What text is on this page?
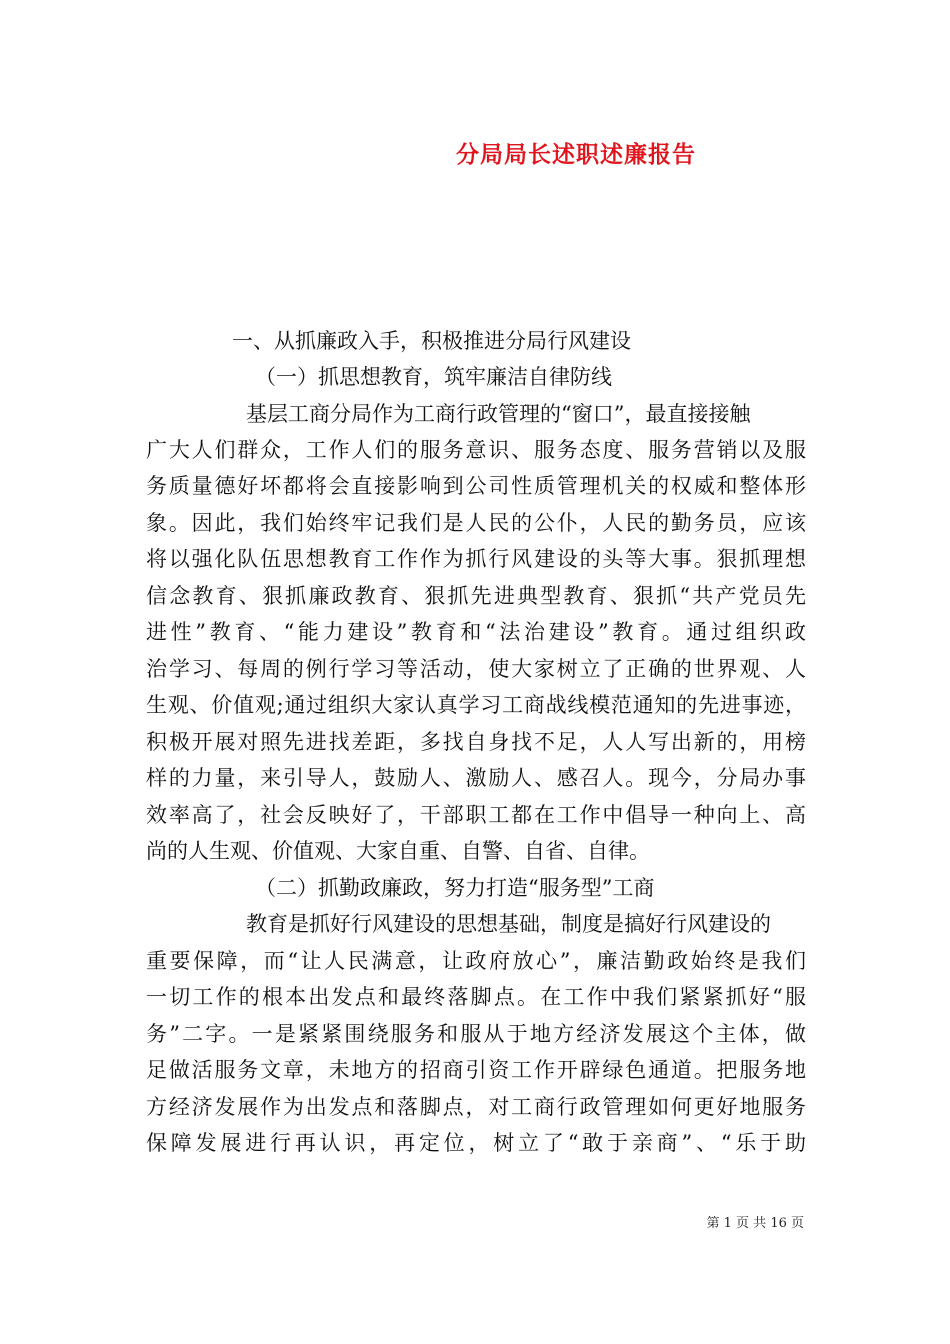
分局局长述职述廉报告
一、从抓廉政入手，积极推进分局行风建设
（一）抓思想教育，筑牢廉洁自律防线
基层工商分局作为工商行政管理的“窗口”，最直接接触
广大人们群众，工作人们的服务意识、服务态度、服务营销以及服
务质量德好坏都将会直接影响到公司性质管理机关的权威和整体形
象。因此，我们始终牢记我们是人民的公仆，人民的勤务员，应该
将以强化队伍思想教育工作作为抓行风建设的头等大事。狠抓理想
信念教育、狠抓廉政教育、狠抓先进典型教育、狠抓“共产党员先
进性”教育、“能力建设”教育和“法治建设”教育。通过组织政
治学习、每周的例行学习等活动，使大家树立了正确的世界观、人
生观、价值观;通过组织大家认真学习工商战线模范通知的先进事迹，
积极开展对照先进找差距，多找自身找不足，人人写出新的，用榜
样的力量，来引导人，鼓励人、激励人、感召人。现今，分局办事
效率高了，社会反映好了，干部职工都在工作中倡导一种向上、高
尚的人生观、价值观、大家自重、自警、自省、自律。
（二）抓勤政廉政，努力打造“服务型”工商
教育是抓好行风建设的思想基础，制度是搞好行风建设的
重要保障，而“让人民满意，让政府放心”，廉洁勤政始终是我们
一切工作的根本出发点和最终落脚点。在工作中我们紧紧抓好“服
务”二字。一是紧紧围绕服务和服从于地方经济发展这个主体，做
足做活服务文章，未地方的招商引资工作开辟绿色通道。把服务地
方经济发展作为出发点和落脚点，对工商行政管理如何更好地服务
保障发展进行再认识，再定位，树立了“敢于亲商”、“乐于助
第 1 页 共 16 页
